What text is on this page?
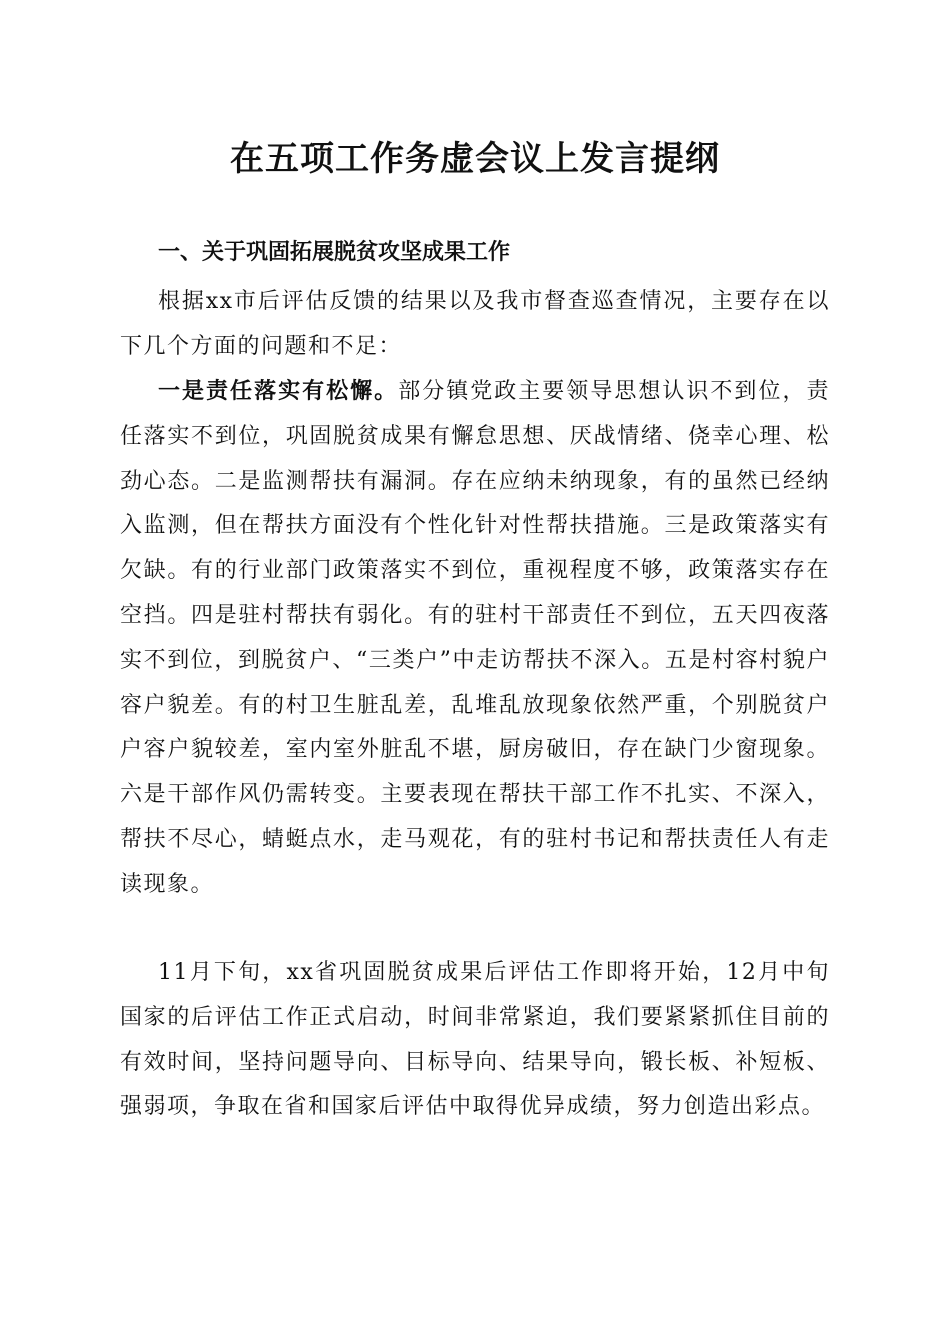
在五项工作务虚会议上发言提纲
一、关于巩固拓展脱贫攻坚成果工作

根据xx市后评估反馈的结果以及我市督查巡查情况，主要存在以下几个方面的问题和不足：

一是责任落实有松懈。部分镇党政主要领导思想认识不到位，责任落实不到位，巩固脱贫成果有懈怠思想、厌战情绪、侥幸心理、松劲心态。二是监测帮扶有漏洞。存在应纳未纳现象，有的虽然已经纳入监测，但在帮扶方面没有个性化针对性帮扶措施。三是政策落实有欠缺。有的行业部门政策落实不到位，重视程度不够，政策落实存在空挡。四是驻村帮扶有弱化。有的驻村干部责任不到位，五天四夜落实不到位，到脱贫户、“三类户”中走访帮扶不深入。五是村容村貌户容户貌差。有的村卫生脏乱差，乱堆乱放现象依然严重，个别脱贫户户容户貌较差，室内室外脏乱不堪，厨房破旧，存在缺门少窗现象。六是干部作风仍需转变。主要表现在帮扶干部工作不扎实、不深入，帮扶不尽心，蜻蜓点水，走马观花，有的驻村书记和帮扶责任人有走读现象。

11月下旬，xx省巩固脱贫成果后评估工作即将开始，12月中旬国家的后评估工作正式启动，时间非常紧迫，我们要紧紧抓住目前的有效时间，坚持问题导向、目标导向、结果导向，锻长板、补短板、强弱项，争取在省和国家后评估中取得优异成绩，努力创造出彩点。
